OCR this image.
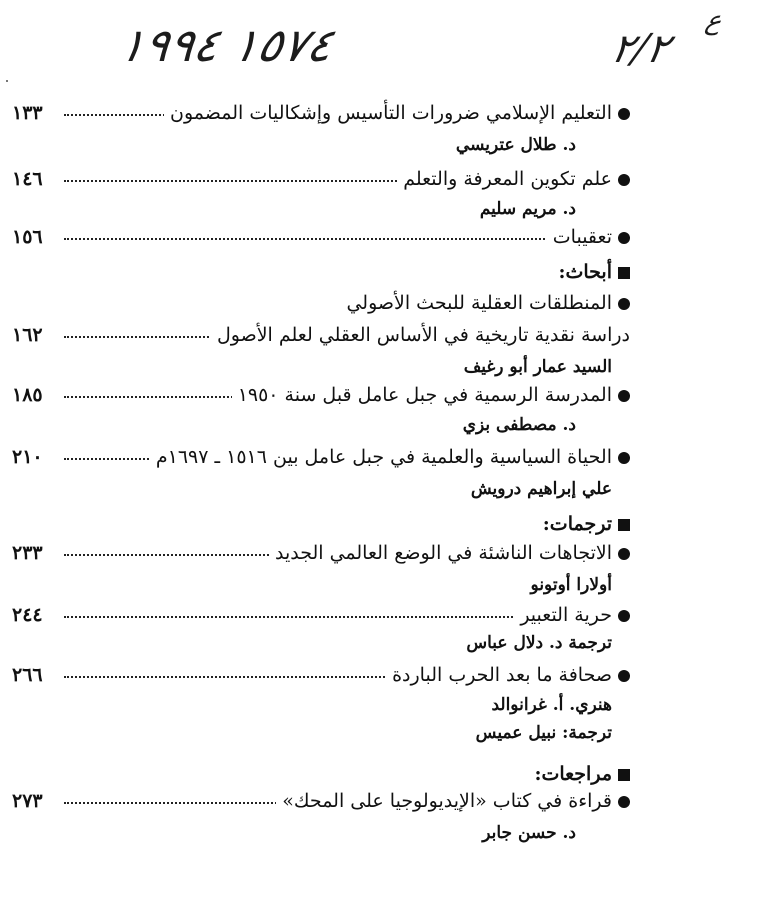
١٥٧٤ ١٩٩٤	٢/٢
ع
التعليم الإسلامي ضرورات التأسيس وإشكاليات المضمون
١٣٣
د. طلال عتريسي
علم تكوين المعرفة والتعلم
١٤٦
د. مريم سليم
تعقيبات
١٥٦
أبحاث:
المنطلقات العقلية للبحث الأصولي
دراسة نقدية تاريخية في الأساس العقلي لعلم الأصول
١٦٢
السيد عمار أبو رغيف
المدرسة الرسمية في جبل عامل قبل سنة ١٩٥٠
١٨٥
د. مصطفى بزي
الحياة السياسية والعلمية في جبل عامل بين ١٥١٦ ـ ١٦٩٧م
٢١٠
علي إبراهيم درويش
ترجمات:
الاتجاهات الناشئة في الوضع العالمي الجديد
٢٣٣
أولارا أوتونو
حرية التعبير
٢٤٤
ترجمة د. دلال عباس
صحافة ما بعد الحرب الباردة
٢٦٦
هنري. أ. غرانوالد
ترجمة: نبيل عميس
مراجعات:
قراءة في كتاب «الإيديولوجيا على المحك»
٢٧٣
د. حسن جابر
